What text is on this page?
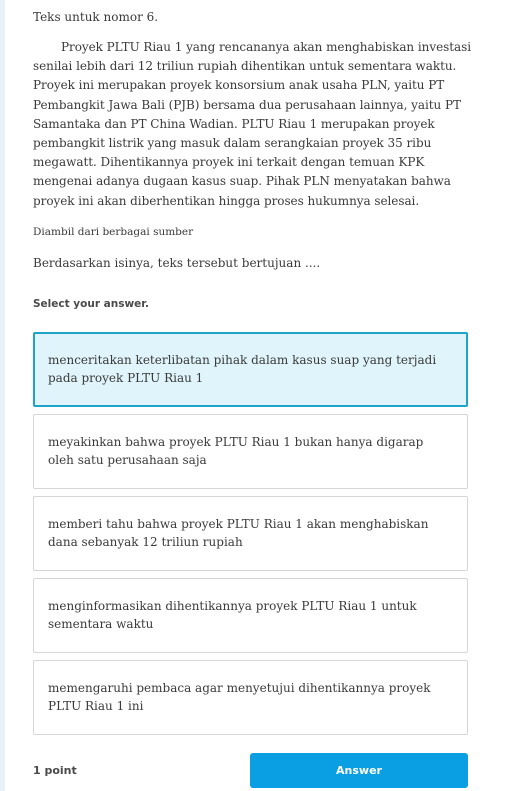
Teks untuk nomor 6.

Proyek PLTU Riau 1 yang rencananya akan menghabiskan investasi senilai lebih dari 12 triliun rupiah dihentikan untuk sementara waktu. Proyek ini merupakan proyek konsorsium anak usaha PLN, yaitu PT Pembangkit Jawa Bali (PJB) bersama dua perusahaan lainnya, yaitu PT Samantaka dan PT China Wadian. PLTU Riau 1 merupakan proyek pembangkit listrik yang masuk dalam serangkaian proyek 35 ribu megawatt. Dihentikannya proyek ini terkait dengan temuan KPK mengenai adanya dugaan kasus suap. Pihak PLN menyatakan bahwa proyek ini akan diberhentikan hingga proses hukumnya selesai.

Diambil dari berbagai sumber
Berdasarkan isinya, teks tersebut bertujuan ....
Select your answer.
menceritakan keterlibatan pihak dalam kasus suap yang terjadi pada proyek PLTU Riau 1
meyakinkan bahwa proyek PLTU Riau 1 bukan hanya digarap oleh satu perusahaan saja
memberi tahu bahwa proyek PLTU Riau 1 akan menghabiskan dana sebanyak 12 triliun rupiah
menginformasikan dihentikannya proyek PLTU Riau 1 untuk sementara waktu
memengaruhi pembaca agar menyetujui dihentikannya proyek PLTU Riau 1 ini
1 point	Answer
